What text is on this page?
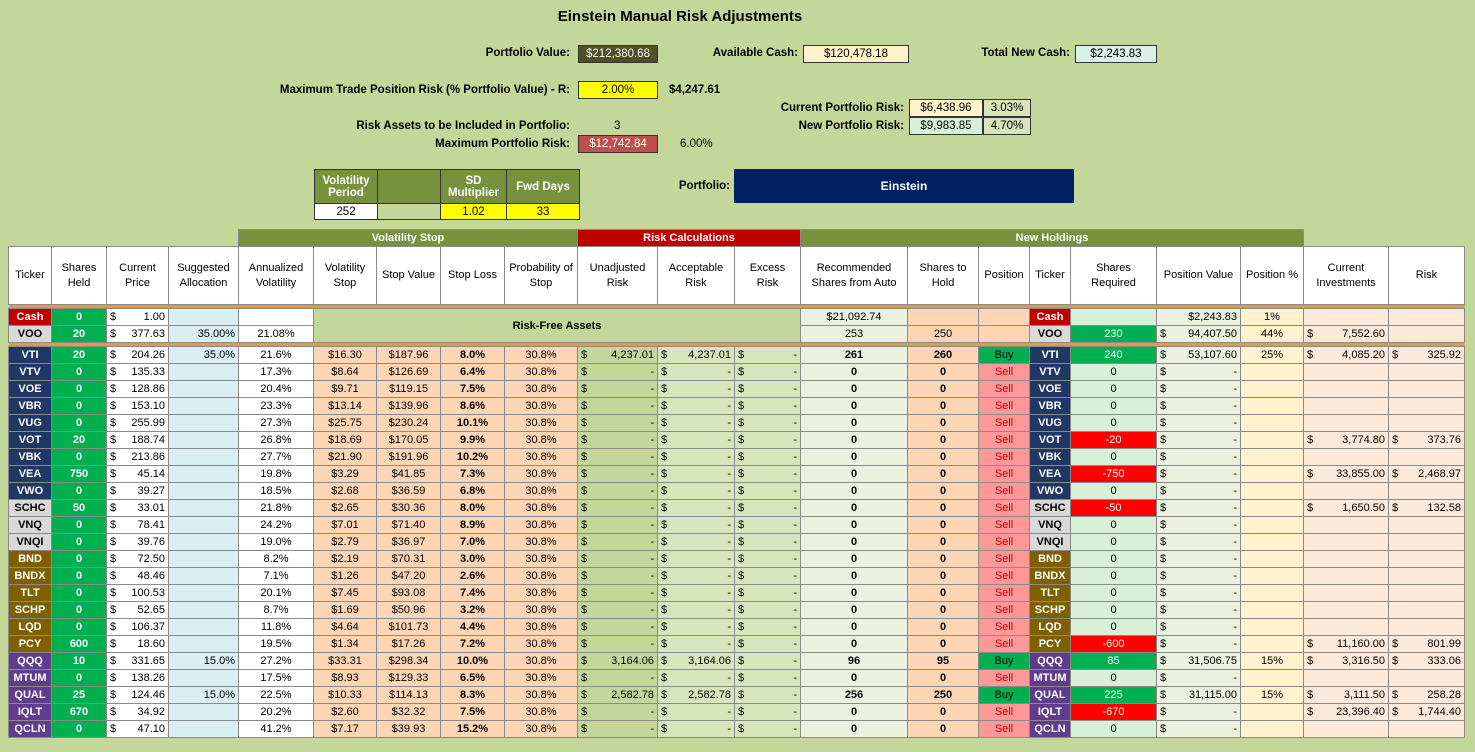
Einstein Manual Risk Adjustments
Portfolio Value:	$212,380.68	Available Cash:	$120,478.18	Total New Cash:	$2,243.83
Maximum Trade Position Risk (% Portfolio Value) - R:	2.00%	$4,247.61
Current Portfolio Risk:	$6,438.96	3.03%
New Portfolio Risk:	$9,983.85	4.70%
Risk Assets to be Included in Portfolio:	3
Maximum Portfolio Risk:	$12,742.84	6.00%
Volatility Period		SD Multiplier	Fwd Days
252		1.02	33
Portfolio:	Einstein
				Volatility Stop					Risk Calculations			New Holdings								
Ticker	Shares Held	Current Price	Suggested Allocation	Annualized Volatility	Volatility Stop	Stop Value	Stop Loss	Probability of Stop	Unadjusted Risk	Acceptable Risk	Excess Risk	Recommended Shares from Auto	Shares to Hold	Position	Ticker	Shares Required	Position Value	Position %	Current Investments	Risk

Cash	0	$ 1.00			Risk-Free Assets							$21,092.74			Cash		$2,243.83	1%		
VOO	20	$ 377.63	35.00%	21.08%								253	250		VOO	230	$ 94,407.50	44%	$ 7,552.60	

VTI	20	$ 204.26	35.0%	21.6%	$16.30	$187.96	8.0%	30.8%	$ 4,237.01	$ 4,237.01	$ -	261	260	Buy	VTI	240	$ 53,107.60	25%	$ 4,085.20	$ 325.92

VTV	0	$ 135.33		17.3%	$8.64	$126.69	6.4%	30.8%	$ -	$ -	$ -	0	0	Sell	VTV	0	$ -			

VOE	0	$ 128.86		20.4%	$9.71	$119.15	7.5%	30.8%	$ -	$ -	$ -	0	0	Sell	VOE	0	$ -			

VBR	0	$ 153.10		23.3%	$13.14	$139.96	8.6%	30.8%	$ -	$ -	$ -	0	0	Sell	VBR	0	$ -			

VUG	0	$ 255.99		27.3%	$25.75	$230.24	10.1%	30.8%	$ -	$ -	$ -	0	0	Sell	VUG	0	$ -			

VOT	20	$ 188.74		26.8%	$18.69	$170.05	9.9%	30.8%	$ -	$ -	$ -	0	0	Sell	VOT	-20	$ -		$ 3,774.80	$ 373.76

VBK	0	$ 213.86		27.7%	$21.90	$191.96	10.2%	30.8%	$ -	$ -	$ -	0	0	Sell	VBK	0	$ -			

VEA	750	$ 45.14		19.8%	$3.29	$41.85	7.3%	30.8%	$ -	$ -	$ -	0	0	Sell	VEA	-750	$ -		$ 33,855.00	$ 2,468.97

VWO	0	$ 39.27		18.5%	$2.68	$36.59	6.8%	30.8%	$ -	$ -	$ -	0	0	Sell	VWO	0	$ -			

SCHC	50	$ 33.01		21.8%	$2.65	$30.36	8.0%	30.8%	$ -	$ -	$ -	0	0	Sell	SCHC	-50	$ -		$ 1,650.50	$ 132.58

VNQ	0	$ 78.41		24.2%	$7.01	$71.40	8.9%	30.8%	$ -	$ -	$ -	0	0	Sell	VNQ	0	$ -			

VNQI	0	$ 39.76		19.0%	$2.79	$36.97	7.0%	30.8%	$ -	$ -	$ -	0	0	Sell	VNQI	0	$ -			

BND	0	$ 72.50		8.2%	$2.19	$70.31	3.0%	30.8%	$ -	$ -	$ -	0	0	Sell	BND	0	$ -			

BNDX	0	$ 48.46		7.1%	$1.26	$47.20	2.6%	30.8%	$ -	$ -	$ -	0	0	Sell	BNDX	0	$ -			

TLT	0	$ 100.53		20.1%	$7.45	$93.08	7.4%	30.8%	$ -	$ -	$ -	0	0	Sell	TLT	0	$ -			

SCHP	0	$ 52.65		8.7%	$1.69	$50.96	3.2%	30.8%	$ -	$ -	$ -	0	0	Sell	SCHP	0	$ -			

LQD	0	$ 106.37		11.8%	$4.64	$101.73	4.4%	30.8%	$ -	$ -	$ -	0	0	Sell	LQD	0	$ -			

PCY	600	$ 18.60		19.5%	$1.34	$17.26	7.2%	30.8%	$ -	$ -	$ -	0	0	Sell	PCY	-600	$ -		$ 11,160.00	$ 801.99

QQQ	10	$ 331.65	15.0%	27.2%	$33.31	$298.34	10.0%	30.8%	$ 3,164.06	$ 3,164.06	$ -	96	95	Buy	QQQ	85	$ 31,506.75	15%	$ 3,316.50	$ 333.06

MTUM	0	$ 138.26		17.5%	$8.93	$129.33	6.5%	30.8%	$ -	$ -	$ -	0	0	Sell	MTUM	0	$ -			

QUAL	25	$ 124.46	15.0%	22.5%	$10.33	$114.13	8.3%	30.8%	$ 2,582.78	$ 2,582.78	$ -	256	250	Buy	QUAL	225	$ 31,115.00	15%	$ 3,111.50	$ 258.28

IQLT	670	$ 34.92		20.2%	$2.60	$32.32	7.5%	30.8%	$ -	$ -	$ -	0	0	Sell	IQLT	-670	$ -		$ 23,396.40	$ 1,744.40

QCLN	0	$ 47.10		41.2%	$7.17	$39.93	15.2%	30.8%	$ -	$ -	$ -	0	0	Sell	QCLN	0	$ -			
